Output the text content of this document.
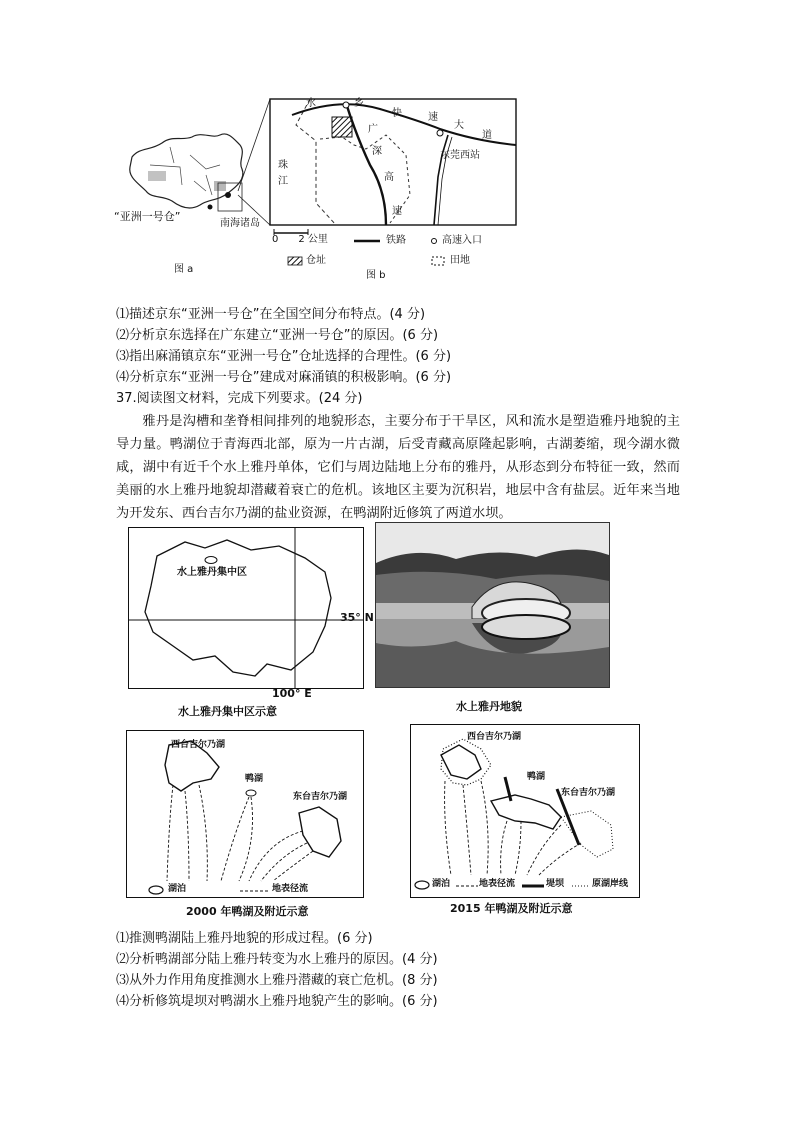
“亚洲一号仓”
南海诸岛
图 a
图 b
水	乡
快	速
大
道
广
深
高
速
珠
江
东莞西站
0　　2 公里	铁路	高速入口
仓址	田地
⑴描述京东“亚洲一号仓”在全国空间分布特点。(4 分)
⑵分析京东选择在广东建立“亚洲一号仓”的原因。(6 分)
⑶指出麻涌镇京东“亚洲一号仓”仓址选择的合理性。(6 分)
⑷分析京东“亚洲一号仓”建成对麻涌镇的积极影响。(6 分)
37.阅读图文材料，完成下列要求。(24 分)
雅丹是沟槽和垄脊相间排列的地貌形态，主要分布于干旱区，风和流水是塑造雅丹地貌的主导力量。鸭湖位于青海西北部，原为一片古湖，后受青藏高原隆起影响，古湖萎缩，现今湖水微咸，湖中有近千个水上雅丹单体，它们与周边陆地上分布的雅丹，从形态到分布特征一致，然而美丽的水上雅丹地貌却潜藏着衰亡的危机。该地区主要为沉积岩，地层中含有盐层。近年来当地为开发东、西台吉尔乃湖的盐业资源，在鸭湖附近修筑了两道水坝。
水上雅丹集中区
35° N
100° E
水上雅丹集中区示意	水上雅丹地貌
西台吉尔乃湖
鸭湖
东台吉尔乃湖
湖泊	地表径流
2000 年鸭湖及附近示意
西台吉尔乃湖
鸭湖
东台吉尔乃湖
湖泊	地表径流	堤坝	原湖岸线
2015 年鸭湖及附近示意
⑴推测鸭湖陆上雅丹地貌的形成过程。(6 分)
⑵分析鸭湖部分陆上雅丹转变为水上雅丹的原因。(4 分)
⑶从外力作用角度推测水上雅丹潜藏的衰亡危机。(8 分)
⑷分析修筑堤坝对鸭湖水上雅丹地貌产生的影响。(6 分)
